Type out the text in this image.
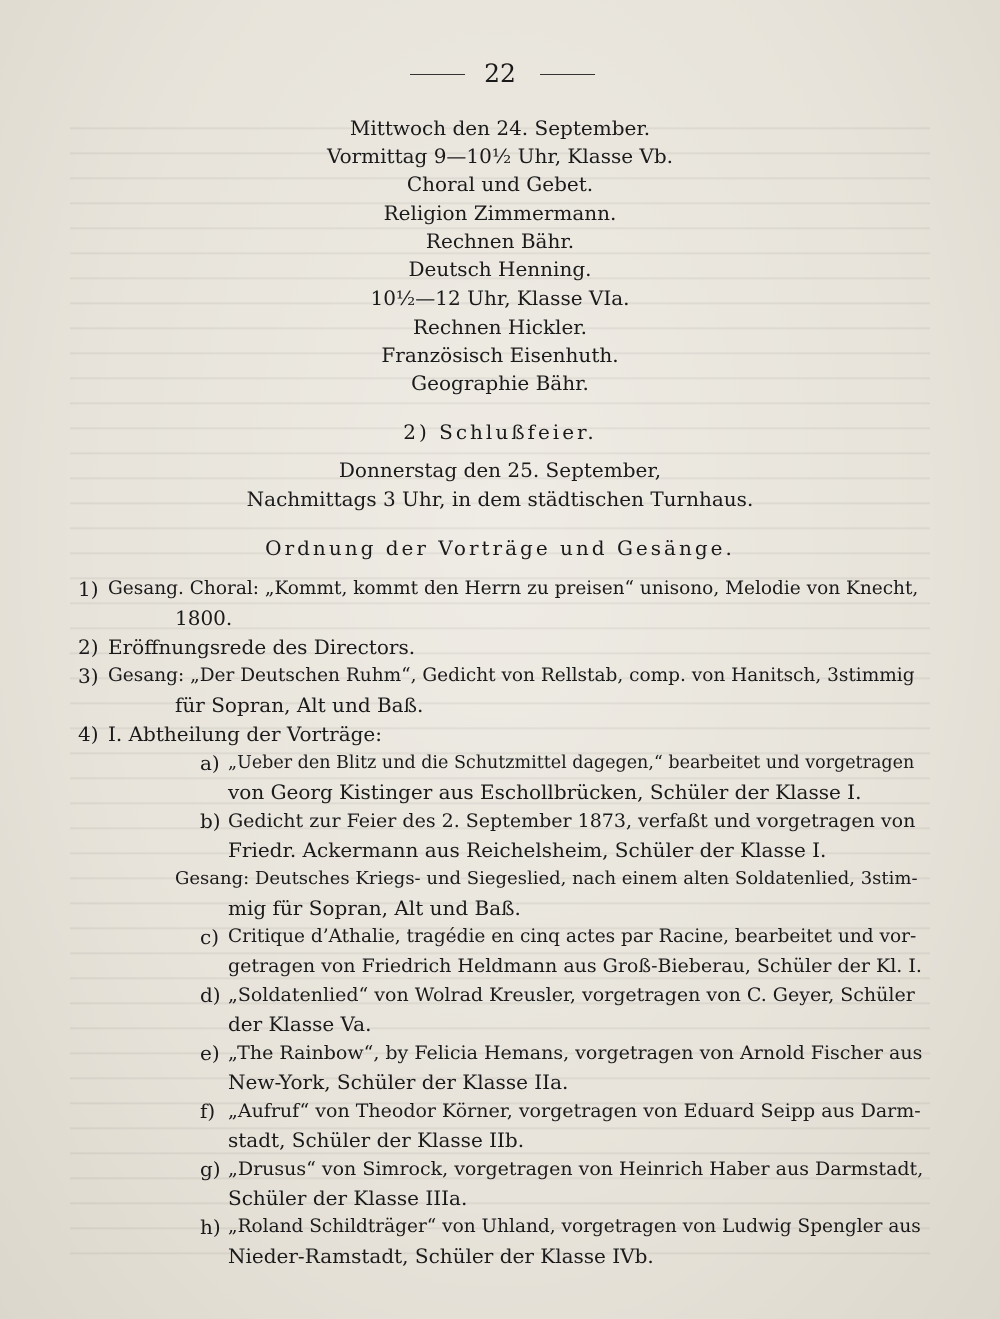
22
Mittwoch den 24. September.
Vormittag 9—10½ Uhr, Klasse Vb.
Choral und Gebet.
Religion Zimmermann.
Rechnen Bähr.
Deutsch Henning.
10½—12 Uhr, Klasse VIa.
Rechnen Hickler.
Französisch Eisenhuth.
Geographie Bähr.
2) Schlußfeier.
Donnerstag den 25. September,
Nachmittags 3 Uhr, in dem städtischen Turnhaus.
Ordnung der Vorträge und Gesänge.
1) Gesang. Choral: „Kommt, kommt den Herrn zu preisen“ unisono, Melodie von Knecht,
1800.
2) Eröffnungsrede des Directors.
3) Gesang: „Der Deutschen Ruhm“, Gedicht von Rellstab, comp. von Hanitsch, 3stimmig
für Sopran, Alt und Baß.
4) I. Abtheilung der Vorträge:
a) „Ueber den Blitz und die Schutzmittel dagegen,“ bearbeitet und vorgetragen
von Georg Kistinger aus Eschollbrücken, Schüler der Klasse I.
b) Gedicht zur Feier des 2. September 1873, verfaßt und vorgetragen von
Friedr. Ackermann aus Reichelsheim, Schüler der Klasse I.
Gesang: Deutsches Kriegs- und Siegeslied, nach einem alten Soldatenlied, 3stim-
mig für Sopran, Alt und Baß.
c) Critique d’Athalie, tragédie en cinq actes par Racine, bearbeitet und vor-
getragen von Friedrich Heldmann aus Groß-Bieberau, Schüler der Kl. I.
d) „Soldatenlied“ von Wolrad Kreusler, vorgetragen von C. Geyer, Schüler
der Klasse Va.
e) „The Rainbow“, by Felicia Hemans, vorgetragen von Arnold Fischer aus
New-York, Schüler der Klasse IIa.
f) „Aufruf“ von Theodor Körner, vorgetragen von Eduard Seipp aus Darm-
stadt, Schüler der Klasse IIb.
g) „Drusus“ von Simrock, vorgetragen von Heinrich Haber aus Darmstadt,
Schüler der Klasse IIIa.
h) „Roland Schildträger“ von Uhland, vorgetragen von Ludwig Spengler aus
Nieder-Ramstadt, Schüler der Klasse IVb.
